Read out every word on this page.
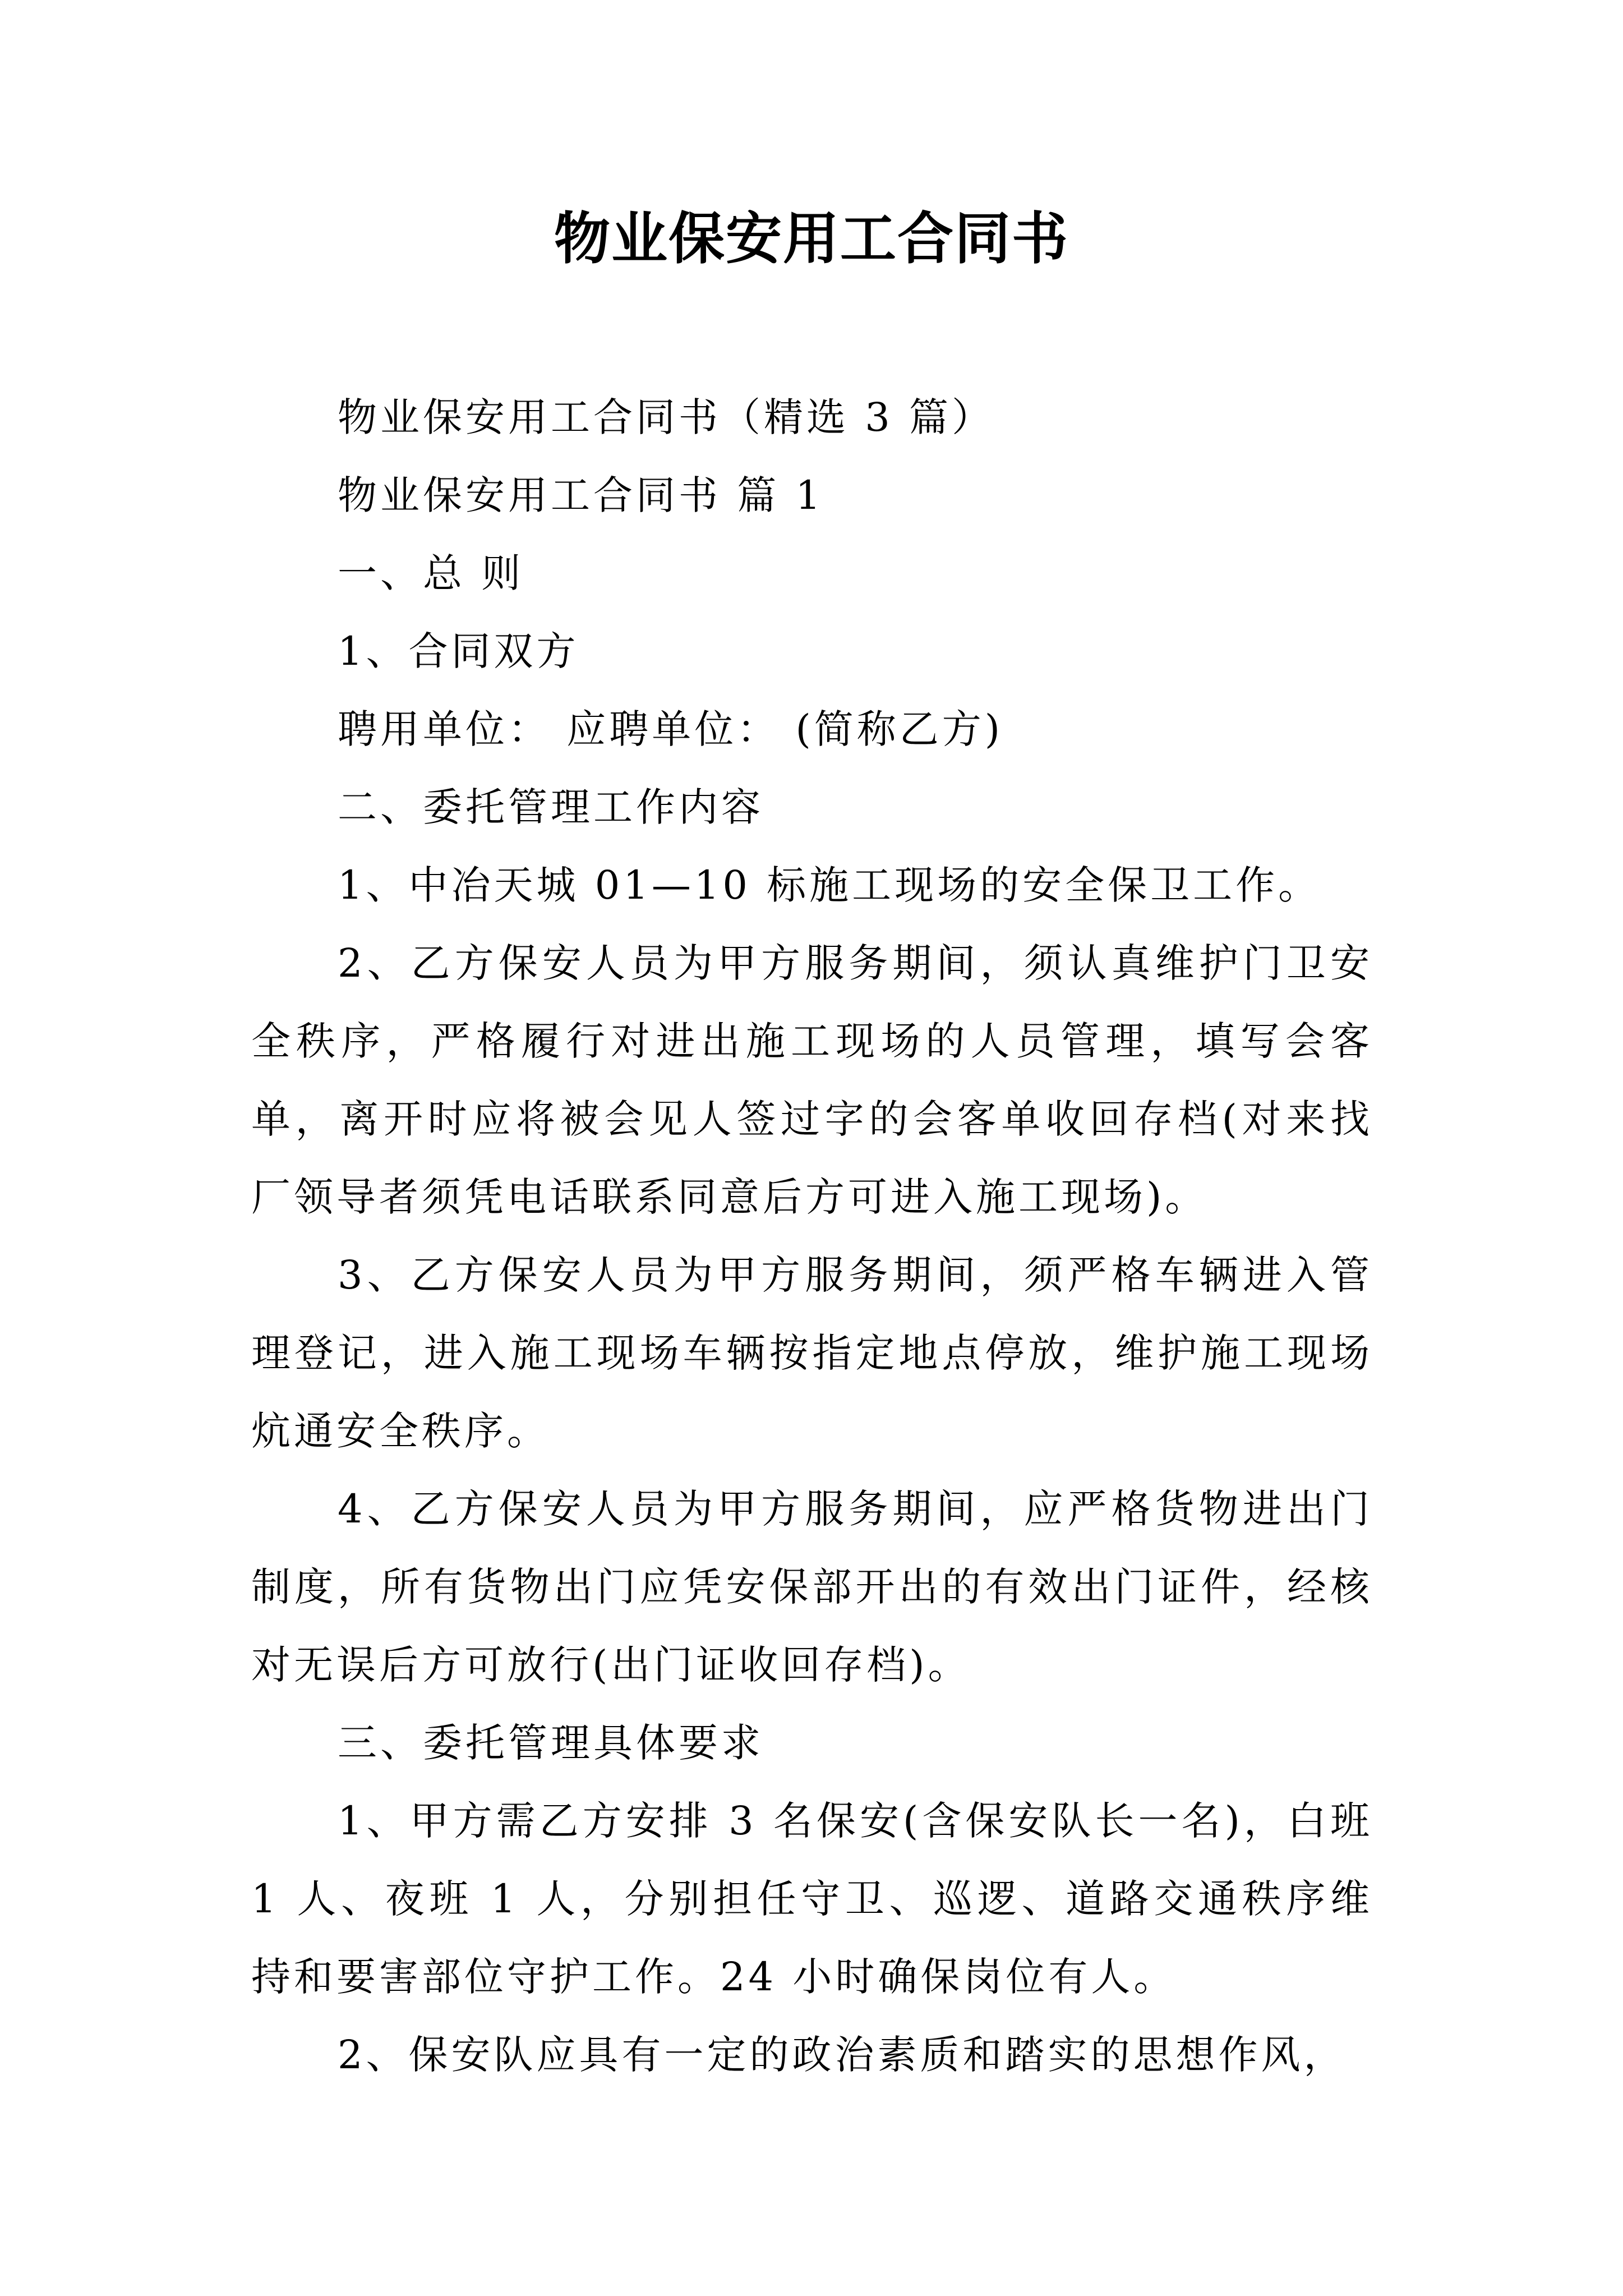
物业保安用工合同书

物业保安用工合同书（精选 3 篇）

物业保安用工合同书 篇 1

一、总 则

1、合同双方

聘用单位： 应聘单位： (简称乙方)

二、委托管理工作内容

1、中冶天城 01—10 标施工现场的安全保卫工作。

2、乙方保安人员为甲方服务期间，须认真维护门卫安全秩序，严格履行对进出施工现场的人员管理，填写会客单，离开时应将被会见人签过字的会客单收回存档(对来找厂领导者须凭电话联系同意后方可进入施工现场)。

3、乙方保安人员为甲方服务期间，须严格车辆进入管理登记，进入施工现场车辆按指定地点停放，维护施工现场炕通安全秩序。

4、乙方保安人员为甲方服务期间，应严格货物进出门制度，所有货物出门应凭安保部开出的有效出门证件，经核对无误后方可放行(出门证收回存档)。

三、委托管理具体要求

1、甲方需乙方安排 3 名保安(含保安队长一名)，白班 1 人、夜班 1 人，分别担任守卫、巡逻、道路交通秩序维持和要害部位守护工作。24 小时确保岗位有人。

2、保安队应具有一定的政治素质和踏实的思想作风，
